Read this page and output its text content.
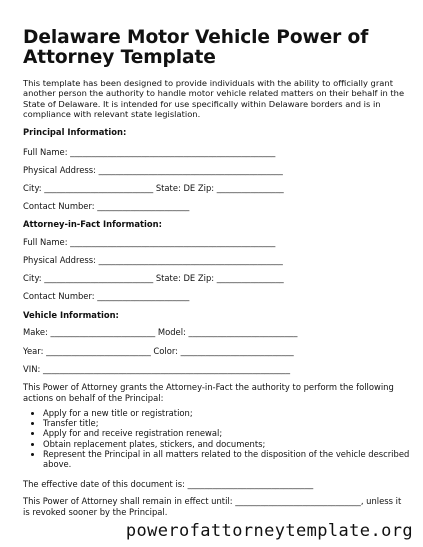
Delaware Motor Vehicle Power of Attorney Template
This template has been designed to provide individuals with the ability to officially grant another person the authority to handle motor vehicle related matters on their behalf in the State of Delaware. It is intended for use specifically within Delaware borders and is in compliance with relevant state legislation.
Principal Information:
Full Name: _________________________________________________
Physical Address: ____________________________________________
City: __________________________ State: DE Zip: ________________
Contact Number: ______________________
Attorney-in-Fact Information:
Full Name: _________________________________________________
Physical Address: ____________________________________________
City: __________________________ State: DE Zip: ________________
Contact Number: ______________________
Vehicle Information:
Make: _________________________ Model: __________________________
Year: _________________________ Color: ___________________________
VIN: ___________________________________________________________
This Power of Attorney grants the Attorney-in-Fact the authority to perform the following actions on behalf of the Principal:
• Apply for a new title or registration;
• Transfer title;
• Apply for and receive registration renewal;
• Obtain replacement plates, stickers, and documents;
• Represent the Principal in all matters related to the disposition of the vehicle described above.
The effective date of this document is: ______________________________
This Power of Attorney shall remain in effect until: ______________________________, unless it is revoked sooner by the Principal.
powerofattorneytemplate.org
